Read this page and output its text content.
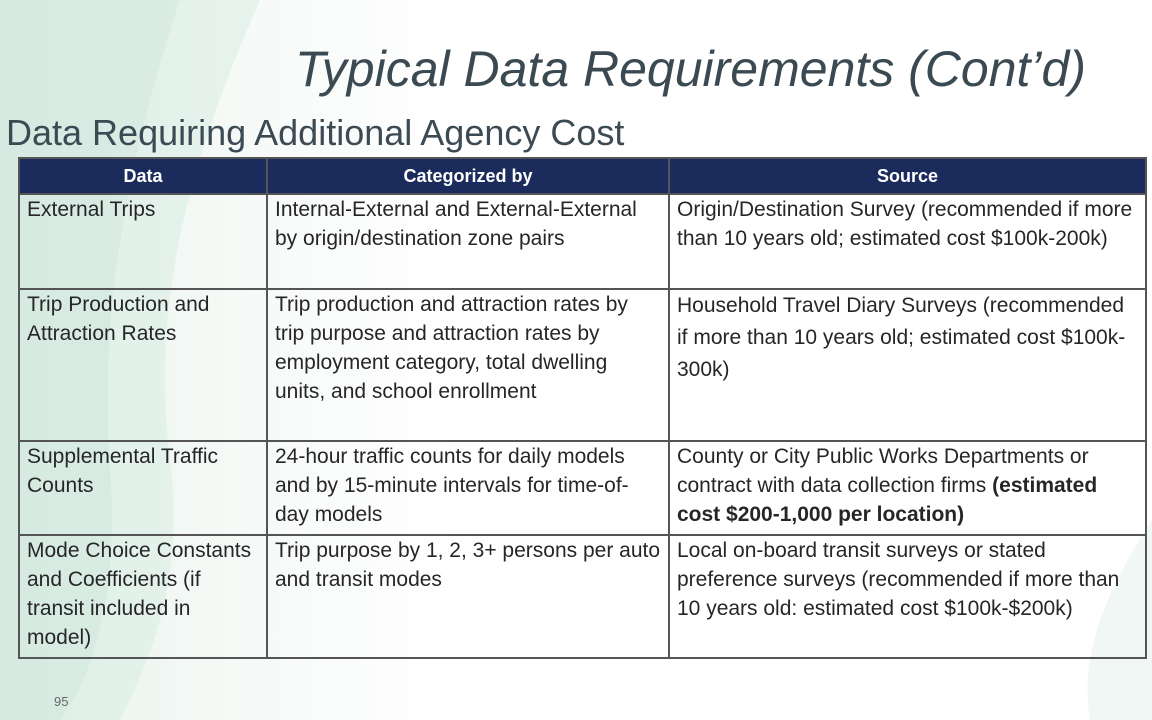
Typical Data Requirements (Cont’d)
Data Requiring Additional Agency Cost
Data	Categorized by	Source

External Trips	Internal-External and External-External by origin/destination zone pairs	Origin/Destination Survey (recommended if more than 10 years old; estimated cost $100k-200k)

Trip Production and Attraction Rates	Trip production and attraction rates by trip purpose and attraction rates by employment category, total dwelling units, and school enrollment	Household Travel Diary Surveys (recommended if more than 10 years old; estimated cost $100k-300k)

Supplemental Traffic Counts	24-hour traffic counts for daily models and by 15-minute intervals for time-of-day models	County or City Public Works Departments or contract with data collection firms (estimated cost $200-1,000 per location)

Mode Choice Constants and Coefficients (if transit included in model)	Trip purpose by 1, 2, 3+ persons per auto and transit modes	Local on-board transit surveys or stated preference surveys (recommended if more than 10 years old: estimated cost $100k-$200k)
95
